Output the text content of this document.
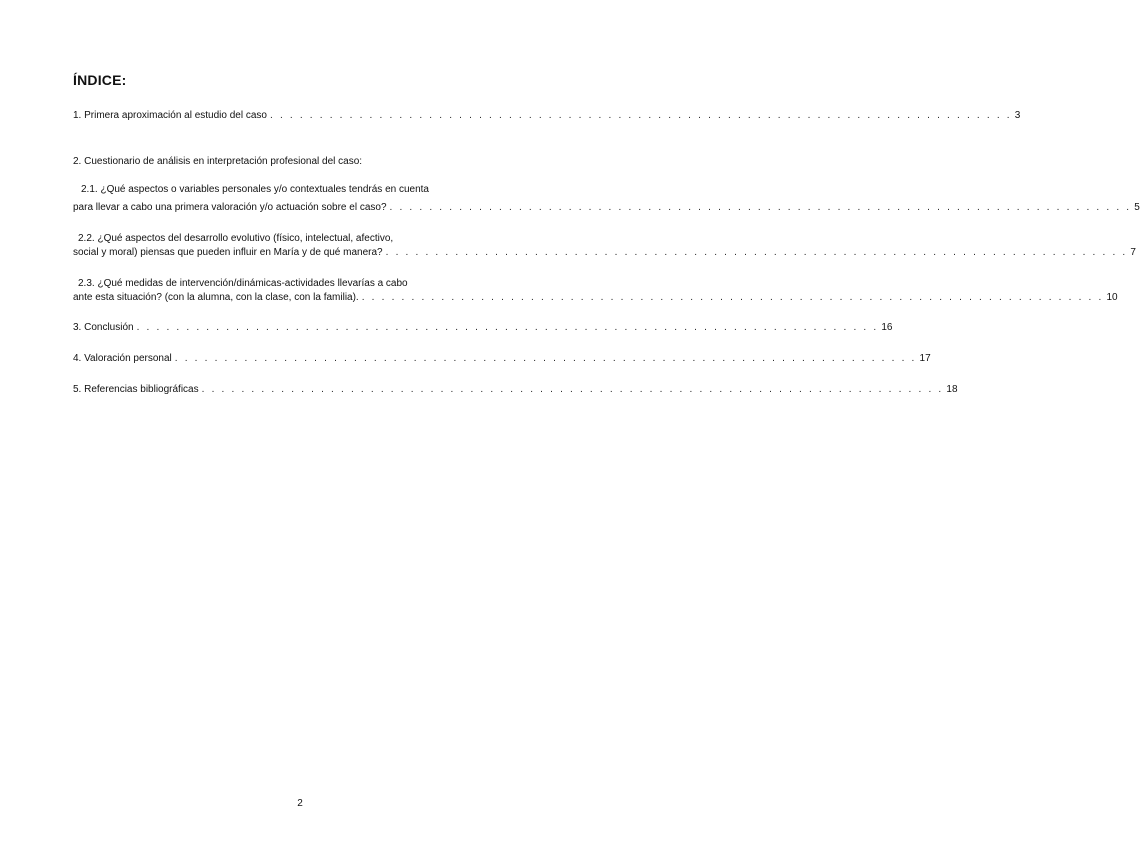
ÍNDICE:
1. Primera aproximación al estudio del caso . . . . . . . . . . . . . . . . . . . . . . . . . . . . . . . . . . . . . . . . . . . . . . . . . . . . . . . . . . . . . . . . . . . . . . . . . . . 3
2. Cuestionario de análisis en interpretación profesional del caso:
2.1. ¿Qué aspectos o variables personales y/o contextuales tendrás en cuenta
para llevar a cabo una primera valoración y/o actuación sobre el caso? . . . . . . . . . . . . . . . . . . . . . . . . . . . . . . . . . . . . . . . . . . . . . . . . . . . . . . . . . . . . . . . . . . . . . . . . . . . 5
2.2. ¿Qué aspectos del desarrollo evolutivo (físico, intelectual, afectivo,
social y moral) piensas que pueden influir en María y de qué manera? . . . . . . . . . . . . . . . . . . . . . . . . . . . . . . . . . . . . . . . . . . . . . . . . . . . . . . . . . . . . . . . . . . . . . . . . . . . 7
2.3. ¿Qué medidas de intervención/dinámicas-actividades llevarías a cabo
ante esta situación? (con la alumna, con la clase, con la familia). . . . . . . . . . . . . . . . . . . . . . . . . . . . . . . . . . . . . . . . . . . . . . . . . . . . . . . . . . . . . . . . . . . . . . . . . . . . 10
3. Conclusión . . . . . . . . . . . . . . . . . . . . . . . . . . . . . . . . . . . . . . . . . . . . . . . . . . . . . . . . . . . . . . . . . . . . . . . . . . . 16
4. Valoración personal . . . . . . . . . . . . . . . . . . . . . . . . . . . . . . . . . . . . . . . . . . . . . . . . . . . . . . . . . . . . . . . . . . . . . . . . . . . 17
5. Referencias bibliográficas . . . . . . . . . . . . . . . . . . . . . . . . . . . . . . . . . . . . . . . . . . . . . . . . . . . . . . . . . . . . . . . . . . . . . . . . . . . 18
2
